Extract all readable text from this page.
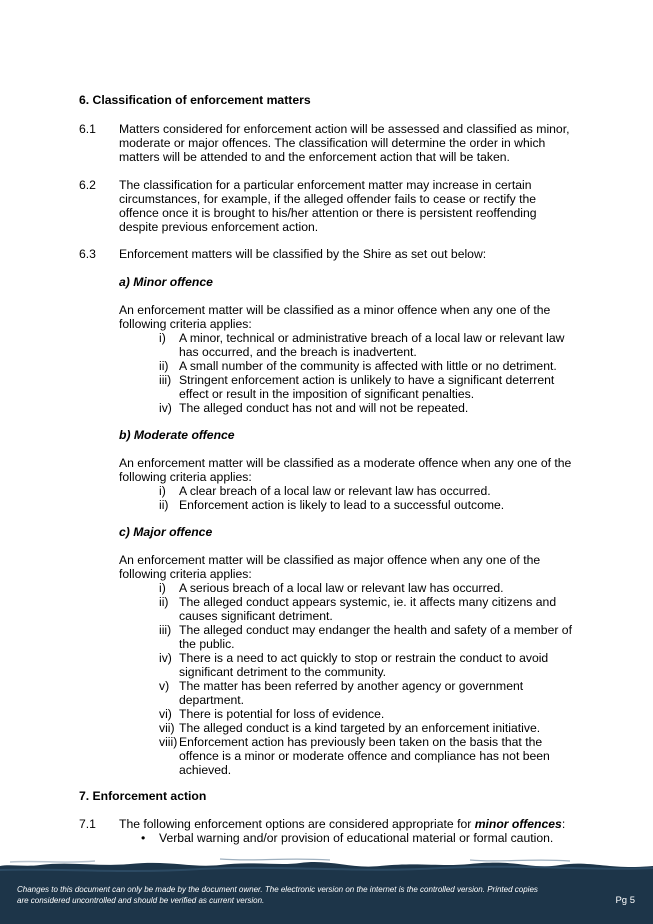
6. Classification of enforcement matters
6.1 Matters considered for enforcement action will be assessed and classified as minor,
moderate or major offences. The classification will determine the order in which
matters will be attended to and the enforcement action that will be taken.
6.2 The classification for a particular enforcement matter may increase in certain
circumstances, for example, if the alleged offender fails to cease or rectify the
offence once it is brought to his/her attention or there is persistent reoffending
despite previous enforcement action.
6.3 Enforcement matters will be classified by the Shire as set out below:
a) Minor offence
An enforcement matter will be classified as a minor offence when any one of the
following criteria applies:
i) A minor, technical or administrative breach of a local law or relevant law
has occurred, and the breach is inadvertent.
ii) A small number of the community is affected with little or no detriment.
iii) Stringent enforcement action is unlikely to have a significant deterrent
effect or result in the imposition of significant penalties.
iv) The alleged conduct has not and will not be repeated.
b) Moderate offence
An enforcement matter will be classified as a moderate offence when any one of the
following criteria applies:
i) A clear breach of a local law or relevant law has occurred.
ii) Enforcement action is likely to lead to a successful outcome.
c) Major offence
An enforcement matter will be classified as major offence when any one of the
following criteria applies:
i) A serious breach of a local law or relevant law has occurred.
ii) The alleged conduct appears systemic, ie. it affects many citizens and
causes significant detriment.
iii) The alleged conduct may endanger the health and safety of a member of
the public.
iv) There is a need to act quickly to stop or restrain the conduct to avoid
significant detriment to the community.
v) The matter has been referred by another agency or government
department.
vi) There is potential for loss of evidence.
vii) The alleged conduct is a kind targeted by an enforcement initiative.
viii) Enforcement action has previously been taken on the basis that the
offence is a minor or moderate offence and compliance has not been
achieved.
7. Enforcement action
7.1 The following enforcement options are considered appropriate for minor offences:
• Verbal warning and/or provision of educational material or formal caution.
Changes to this document can only be made by the document owner. The electronic version on the internet is the controlled version. Printed copies
are considered uncontrolled and should be verified as current version.	Pg 5
